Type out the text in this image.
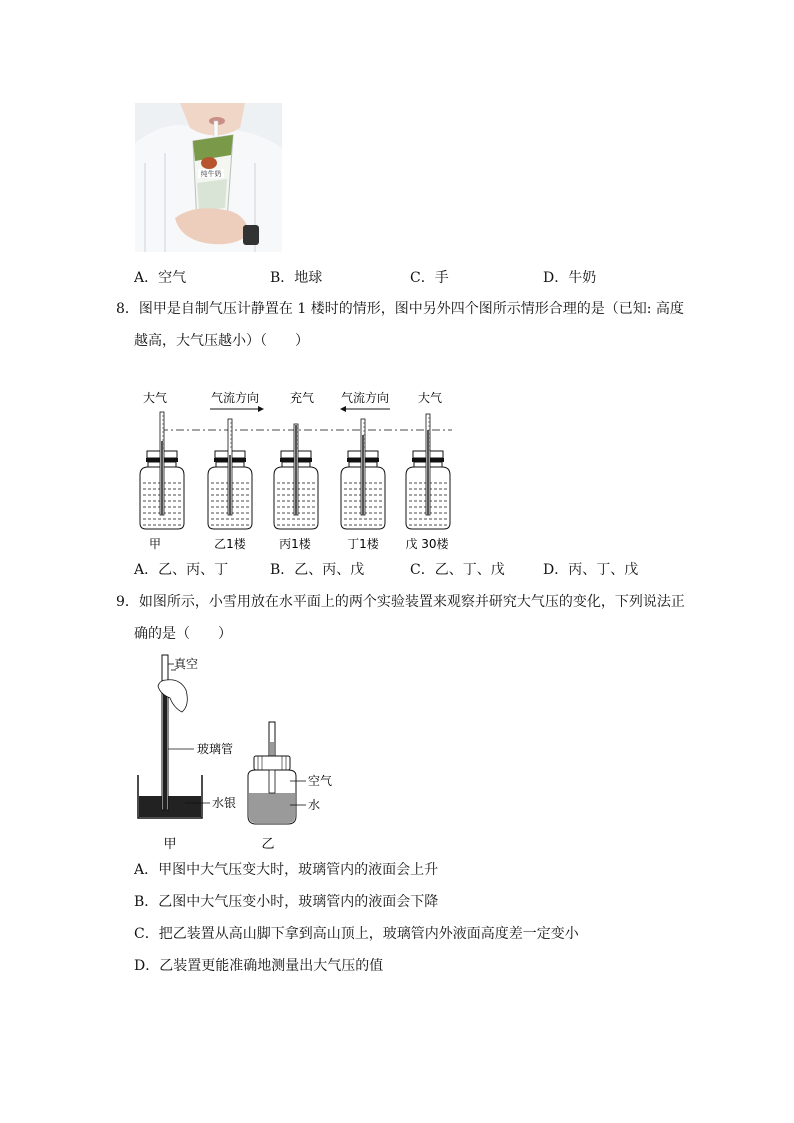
纯牛奶
A．空气	B．地球	C．手	D．牛奶
8．图甲是自制气压计静置在 1 楼时的情形，图中另外四个图所示情形合理的是（已知: 高度
越高，大气压越小）（　　）
大气	气流方向	充气 气流方向 大气
甲	乙1楼	丙1楼	丁1楼 戊 30楼
A．乙、丙、丁	B．乙、丙、戊	C．乙、丁、戊	D．丙、丁、戊
9．如图所示，小雪用放在水平面上的两个实验装置来观察并研究大气压的变化，下列说法正
确的是（　　）
真空
玻璃管
水银
甲
空气
水
乙
A．甲图中大气压变大时，玻璃管内的液面会上升
B．乙图中大气压变小时，玻璃管内的液面会下降
C．把乙装置从高山脚下拿到高山顶上，玻璃管内外液面高度差一定变小
D．乙装置更能准确地测量出大气压的值
